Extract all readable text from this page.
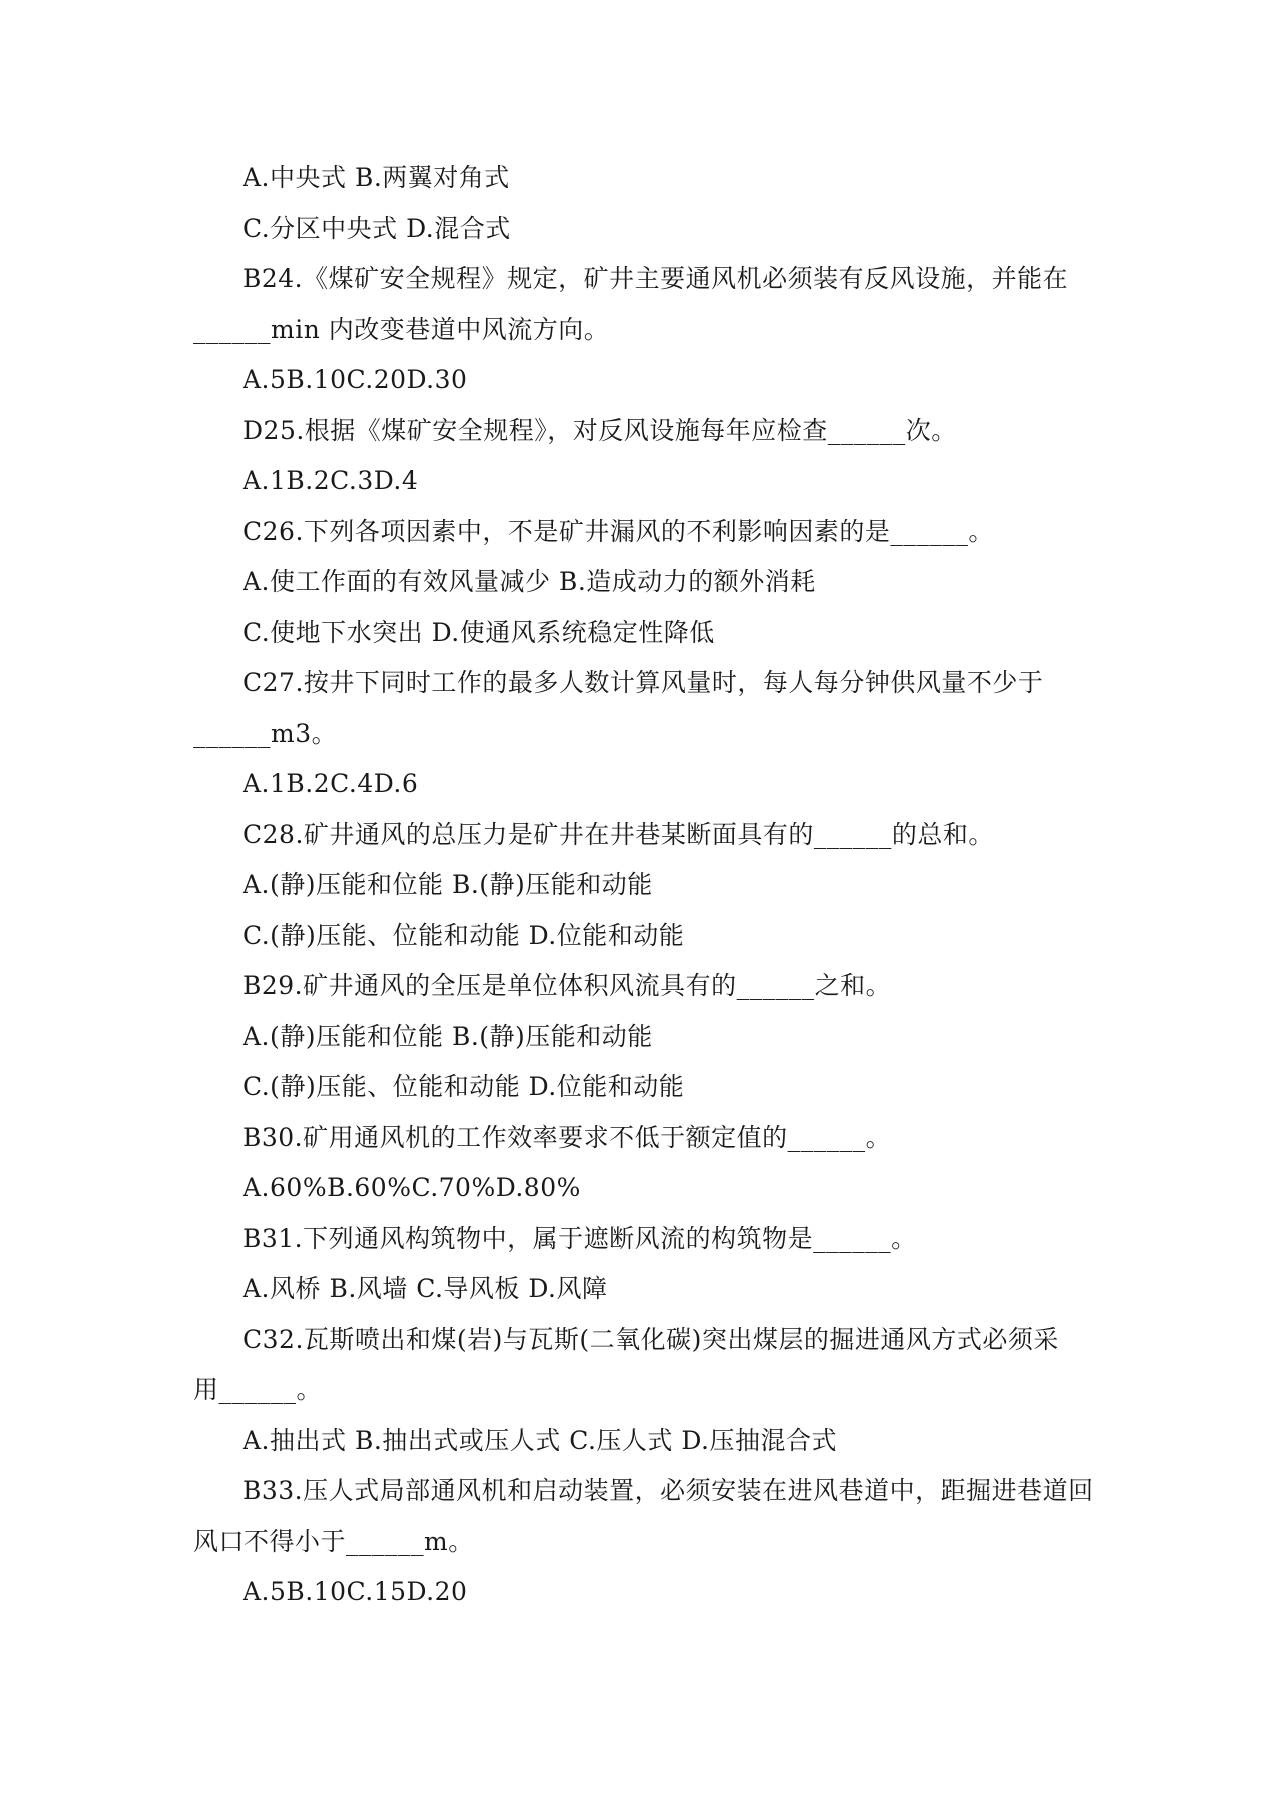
A.中央式 B.两翼对角式
C.分区中央式 D.混合式
B24.《煤矿安全规程》规定，矿井主要通风机必须装有反风设施，并能在
______min 内改变巷道中风流方向。
A.5B.10C.20D.30
D25.根据《煤矿安全规程》，对反风设施每年应检查______次。
A.1B.2C.3D.4
C26.下列各项因素中，不是矿井漏风的不利影响因素的是______。
A.使工作面的有效风量减少 B.造成动力的额外消耗
C.使地下水突出 D.使通风系统稳定性降低
C27.按井下同时工作的最多人数计算风量时，每人每分钟供风量不少于
______m3。
A.1B.2C.4D.6
C28.矿井通风的总压力是矿井在井巷某断面具有的______的总和。
A.(静)压能和位能 B.(静)压能和动能
C.(静)压能、位能和动能 D.位能和动能
B29.矿井通风的全压是单位体积风流具有的______之和。
A.(静)压能和位能 B.(静)压能和动能
C.(静)压能、位能和动能 D.位能和动能
B30.矿用通风机的工作效率要求不低于额定值的______。
A.60%B.60%C.70%D.80%
B31.下列通风构筑物中，属于遮断风流的构筑物是______。
A.风桥 B.风墙 C.导风板 D.风障
C32.瓦斯喷出和煤(岩)与瓦斯(二氧化碳)突出煤层的掘进通风方式必须采
用______。
A.抽出式 B.抽出式或压人式 C.压人式 D.压抽混合式
B33.压人式局部通风机和启动装置，必须安装在进风巷道中，距掘进巷道回
风口不得小于______m。
A.5B.10C.15D.20
